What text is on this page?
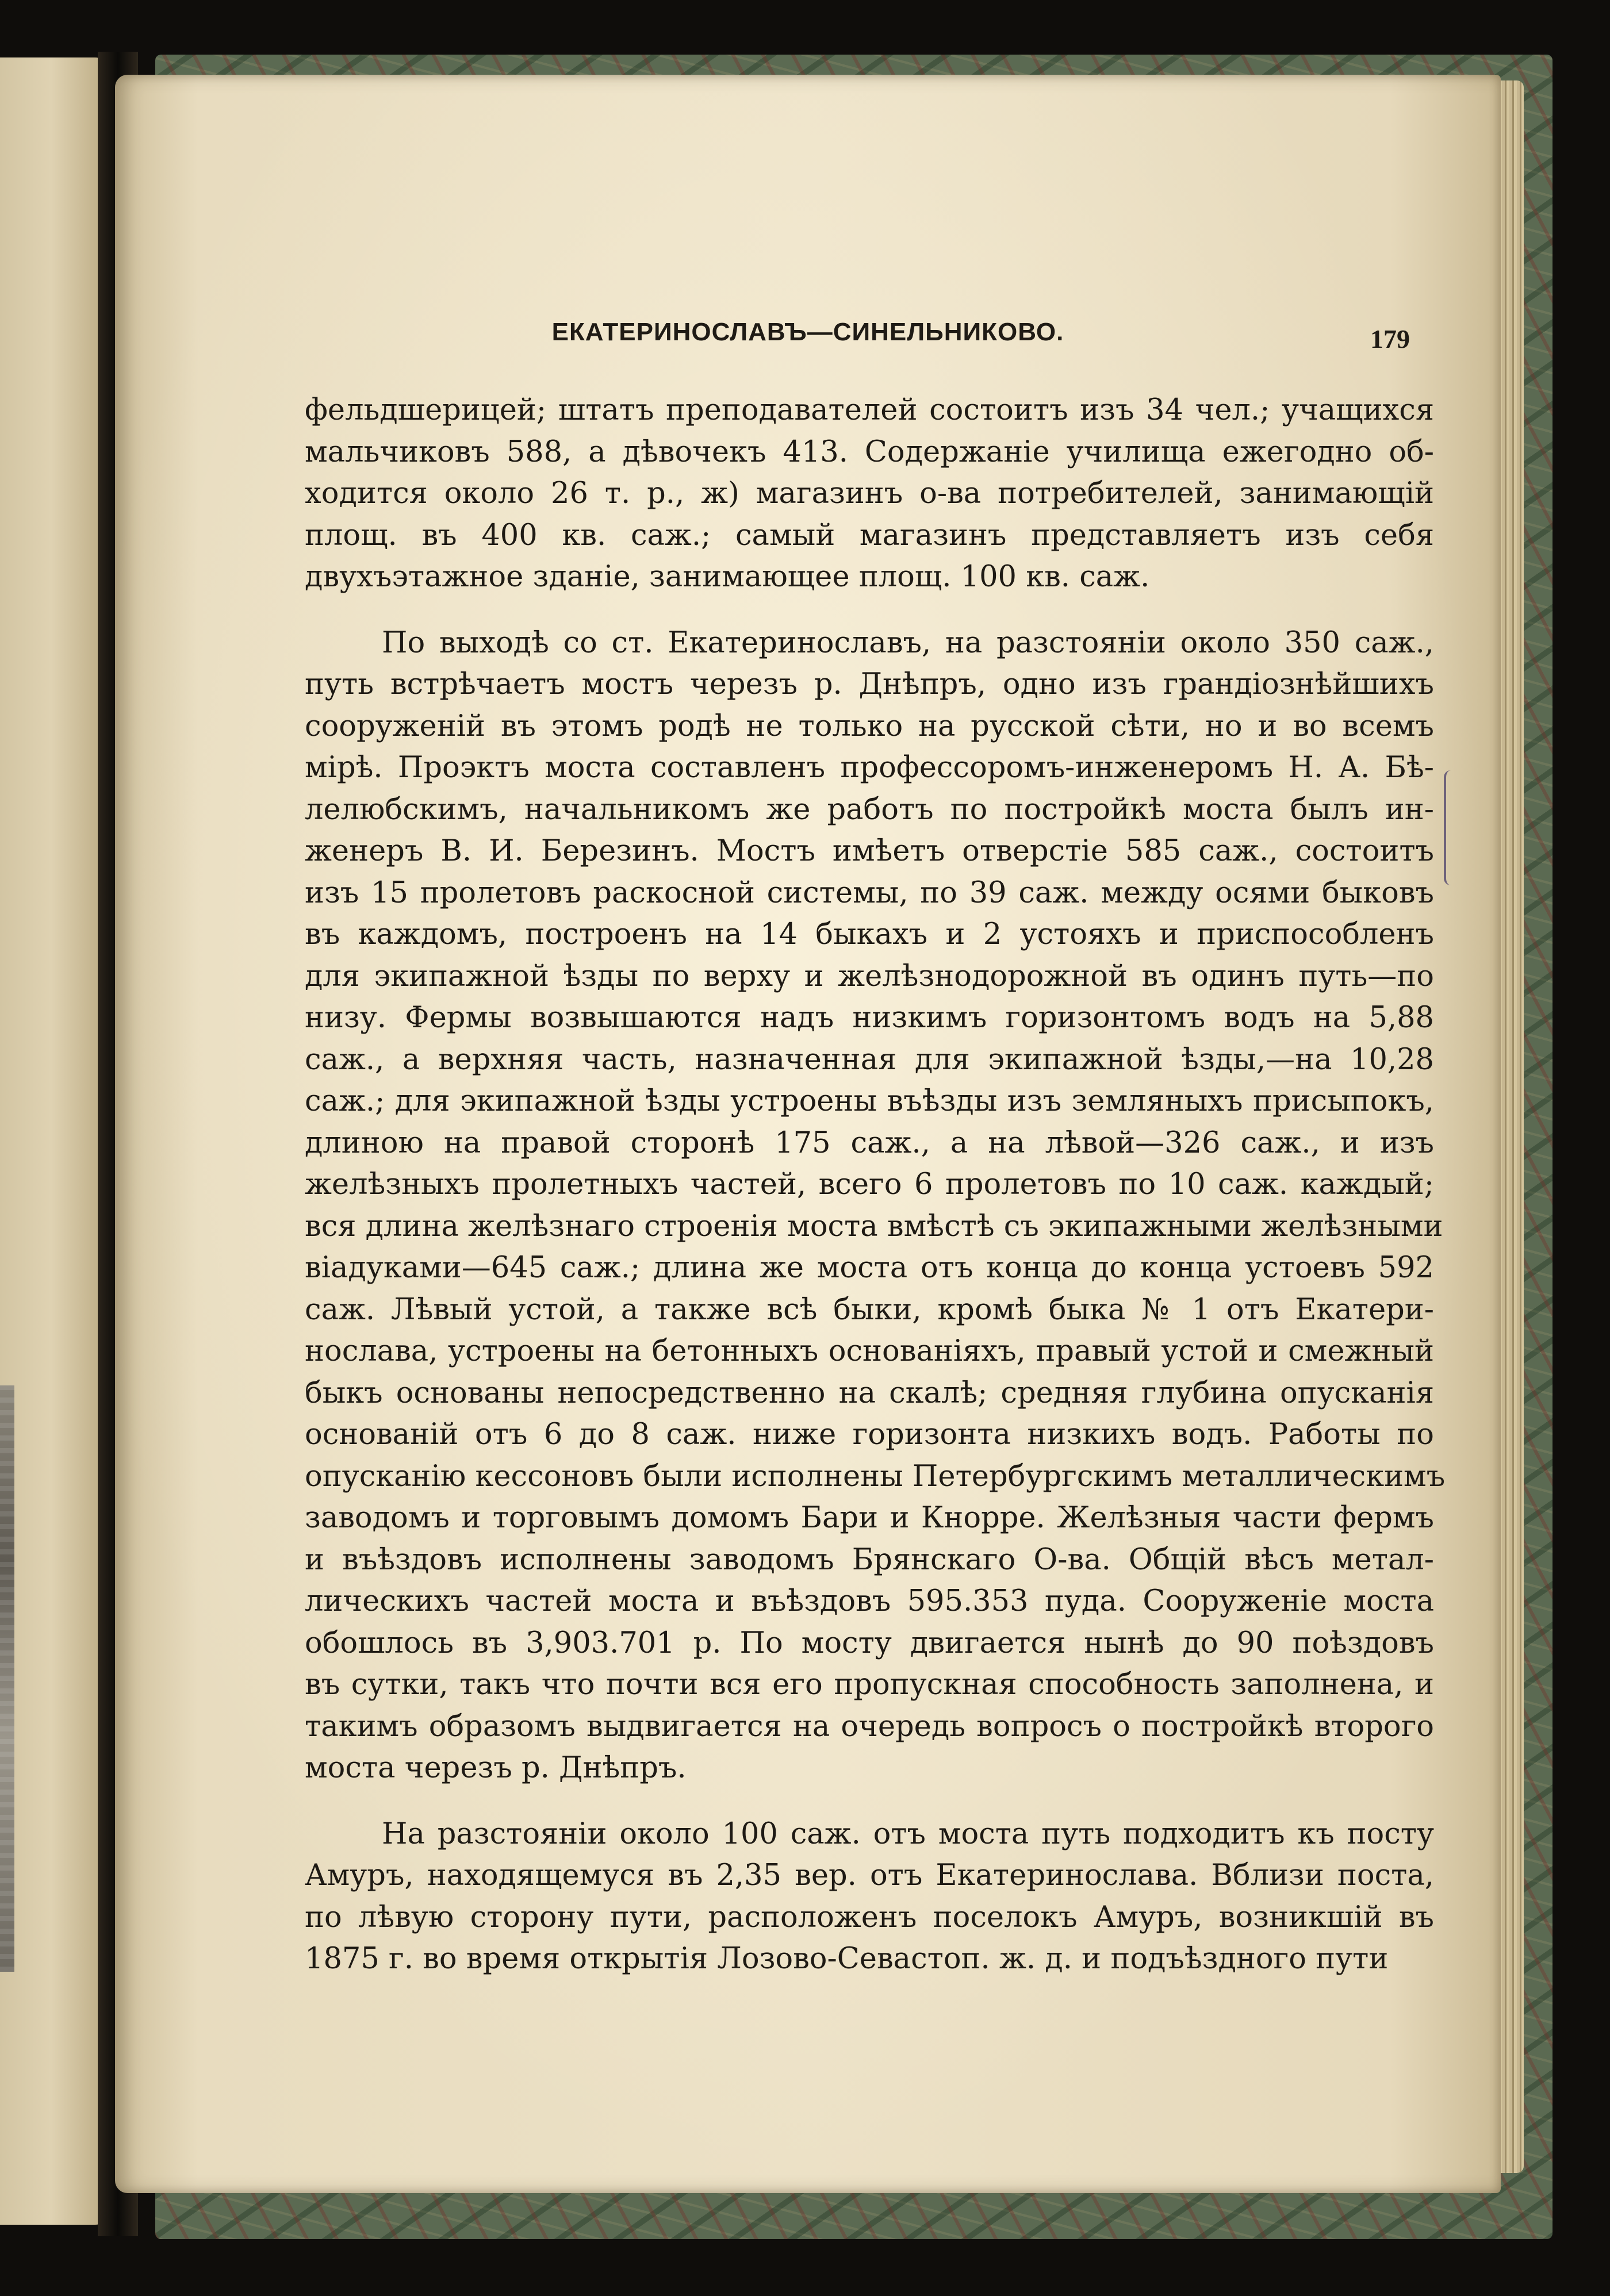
ЕКАТЕРИНОСЛАВЪ—СИНЕЛЬНИКОВО.	179
фельдшерицей; штатъ преподавателей состоитъ изъ 34 чел.; учащихся
мальчиковъ 588, а дѣвочекъ 413. Содержаніе училища ежегодно об-
ходится около 26 т. р., ж) магазинъ о-ва потребителей, занимающій
площ. въ 400 кв. саж.; самый магазинъ представляетъ изъ себя
двухъэтажное зданіе, занимающее площ. 100 кв. саж.
По выходѣ со ст. Екатеринославъ, на разстояніи около 350 саж.,
путь встрѣчаетъ мостъ черезъ р. Днѣпръ, одно изъ грандіознѣйшихъ
сооруженій въ этомъ родѣ не только на русской сѣти, но и во всемъ
мірѣ. Проэктъ моста составленъ профессоромъ-инженеромъ Н. А. Бѣ-
лелюбскимъ, начальникомъ же работъ по постройкѣ моста былъ ин-
женеръ В. И. Березинъ. Мостъ имѣетъ отверстіе 585 саж., состоитъ
изъ 15 пролетовъ раскосной системы, по 39 саж. между осями быковъ
въ каждомъ, построенъ на 14 быкахъ и 2 устояхъ и приспособленъ
для экипажной ѣзды по верху и желѣзнодорожной въ одинъ путь—по
низу. Фермы возвышаются надъ низкимъ горизонтомъ водъ на 5,88
саж., а верхняя часть, назначенная для экипажной ѣзды,—на 10,28
саж.; для экипажной ѣзды устроены въѣзды изъ земляныхъ присыпокъ,
длиною на правой сторонѣ 175 саж., а на лѣвой—326 саж., и изъ
желѣзныхъ пролетныхъ частей, всего 6 пролетовъ по 10 саж. каждый;
вся длина желѣзнаго строенія моста вмѣстѣ съ экипажными желѣзными
віадуками—645 саж.; длина же моста отъ конца до конца устоевъ 592
саж. Лѣвый устой, а также всѣ быки, кромѣ быка № 1 отъ Екатери-
нослава, устроены на бетонныхъ основаніяхъ, правый устой и смежный
быкъ основаны непосредственно на скалѣ; средняя глубина опусканія
основаній отъ 6 до 8 саж. ниже горизонта низкихъ водъ. Работы по
опусканію кессоновъ были исполнены Петербургскимъ металлическимъ
заводомъ и торговымъ домомъ Бари и Кнорре. Желѣзныя части фермъ
и въѣздовъ исполнены заводомъ Брянскаго О-ва. Общій вѣсъ метал-
лическихъ частей моста и въѣздовъ 595.353 пуда. Сооруженіе моста
обошлось въ 3,903.701 р. По мосту двигается нынѣ до 90 поѣздовъ
въ сутки, такъ что почти вся его пропускная способность заполнена, и
такимъ образомъ выдвигается на очередь вопросъ о постройкѣ второго
моста черезъ р. Днѣпръ.
На разстояніи около 100 саж. отъ моста путь подходитъ къ посту
Амуръ, находящемуся въ 2,35 вер. отъ Екатеринослава. Вблизи поста,
по лѣвую сторону пути, расположенъ поселокъ Амуръ, возникшій въ
1875 г. во время открытія Лозово-Севастоп. ж. д. и подъѣздного пути
